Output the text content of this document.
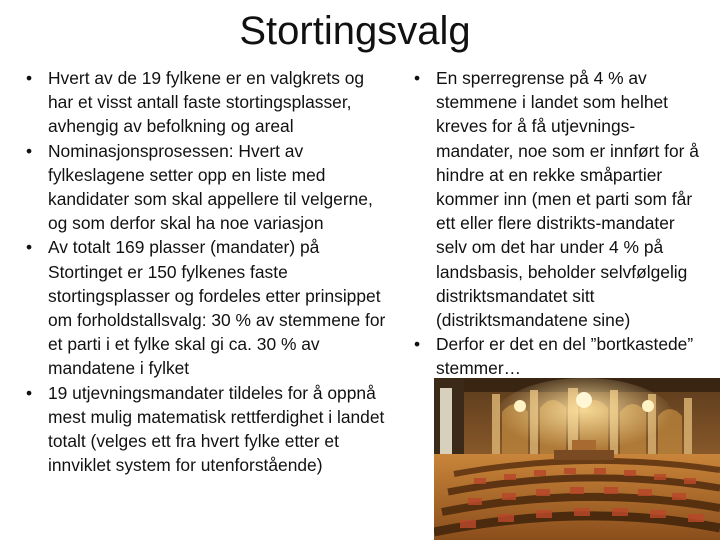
Stortingsvalg
• Hvert av de 19 fylkene er en valgkrets og har et visst antall faste stortingsplasser, avhengig av befolkning og areal
• Nominasjonsprosessen: Hvert av fylkeslagene setter opp en liste med kandidater som skal appellere til velgerne, og som derfor skal ha noe variasjon
• Av totalt 169 plasser (mandater) på Stortinget er 150 fylkenes faste stortingsplasser og fordeles etter prinsippet om forholdstallsvalg: 30 % av stemmene for et parti i et fylke skal gi ca. 30 % av mandatene i fylket
• 19 utjevningsmandater tildeles for å oppnå mest mulig matematisk rettferdighet i landet totalt (velges ett fra hvert fylke etter et innviklet system for utenforstående)
• En sperregrense på 4 % av stemmene i landet som helhet kreves for å få utjevnings-mandater, noe som er innført for å hindre at en rekke småpartier kommer inn (men et parti som får ett eller flere distrikts-mandater selv om det har under 4 % på landsbasis, beholder selvfølgelig distriktsmandatet sitt (distriktsmandatene sine)
• Derfor er det en del ”bortkastede” stemmer…
